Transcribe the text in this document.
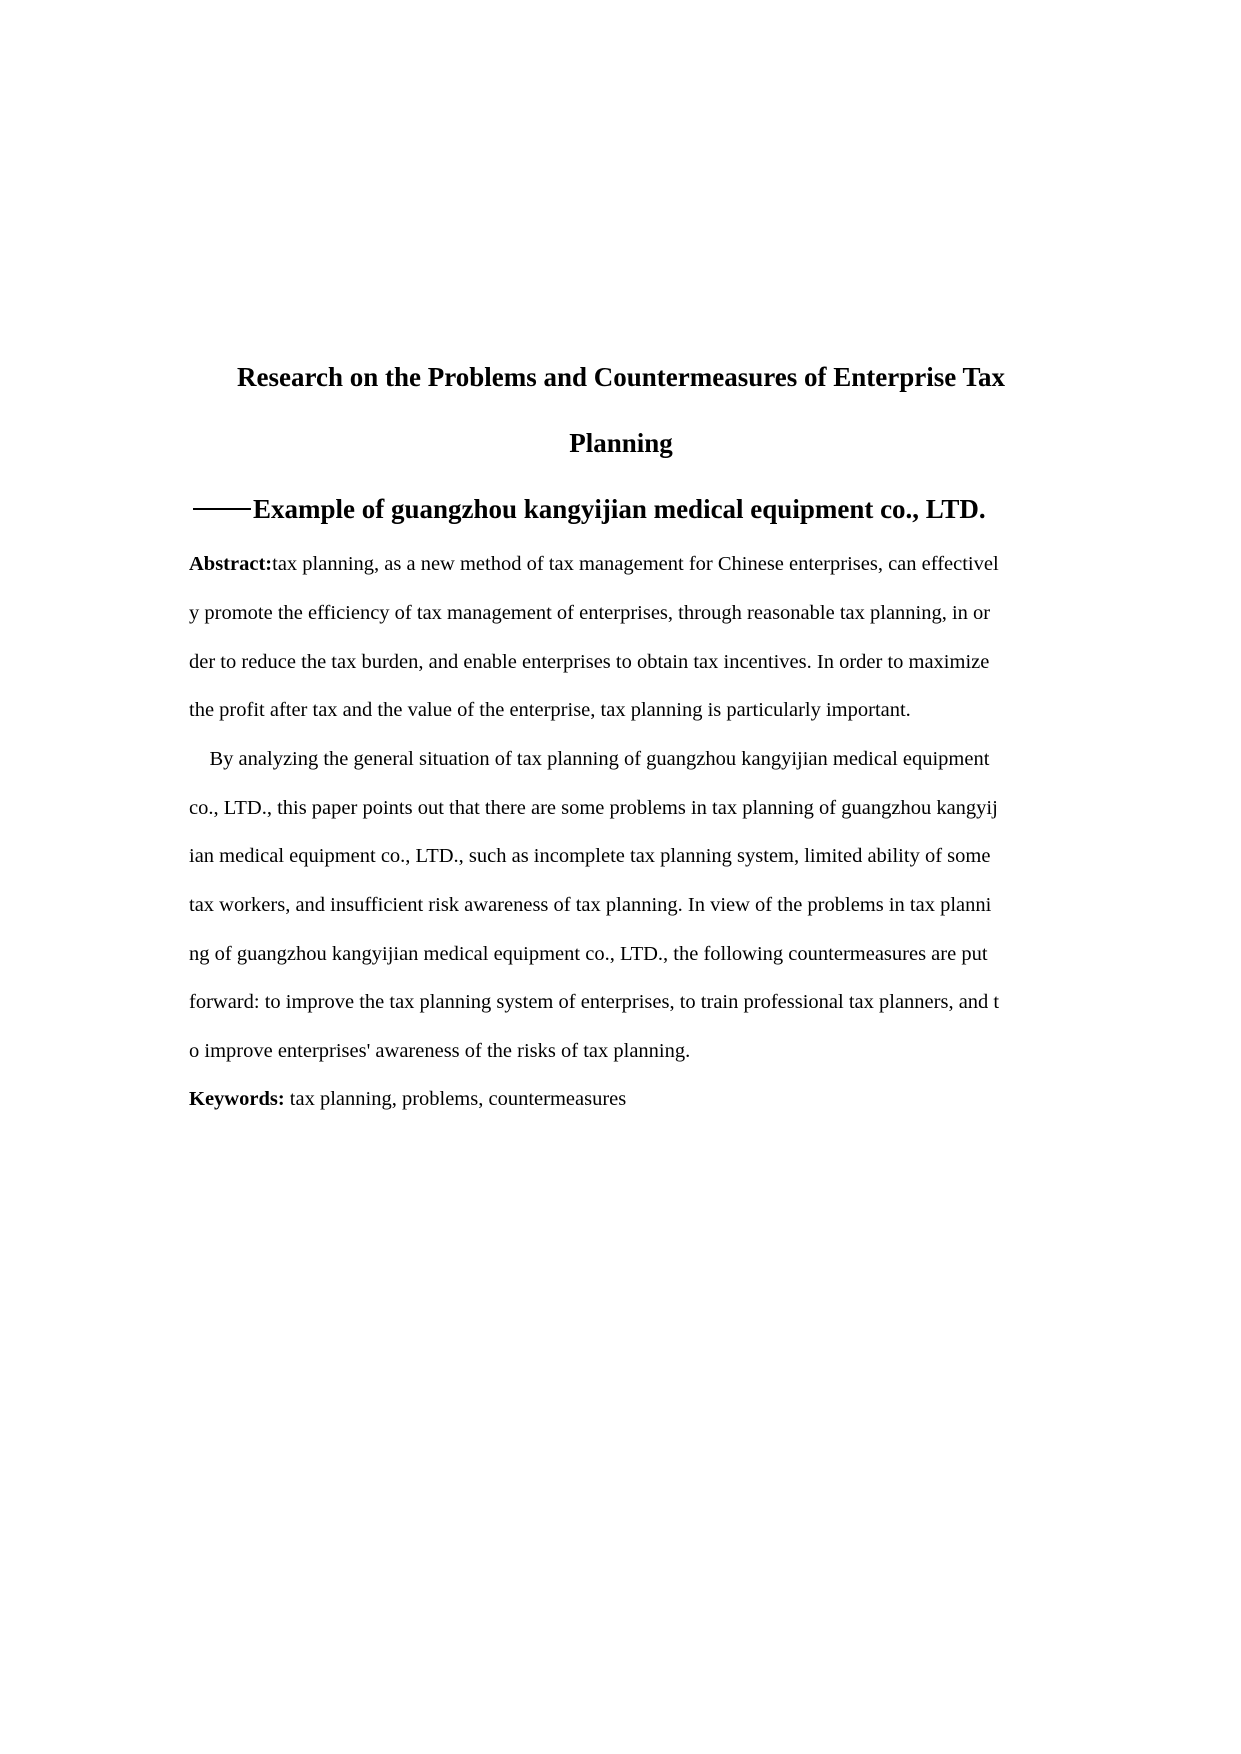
Research on the Problems and Countermeasures of Enterprise Tax
Planning
Example of guangzhou kangyijian medical equipment co., LTD.
Abstract:tax planning, as a new method of tax management for Chinese enterprises, can effectivel
y promote the efficiency of tax management of enterprises, through reasonable tax planning, in or
der to reduce the tax burden, and enable enterprises to obtain tax incentives. In order to maximize
the profit after tax and the value of the enterprise, tax planning is particularly important.
By analyzing the general situation of tax planning of guangzhou kangyijian medical equipment
co., LTD., this paper points out that there are some problems in tax planning of guangzhou kangyij
ian medical equipment co., LTD., such as incomplete tax planning system, limited ability of some
tax workers, and insufficient risk awareness of tax planning. In view of the problems in tax planni
ng of guangzhou kangyijian medical equipment co., LTD., the following countermeasures are put
forward: to improve the tax planning system of enterprises, to train professional tax planners, and t
o improve enterprises' awareness of the risks of tax planning.
Keywords: tax planning, problems, countermeasures
